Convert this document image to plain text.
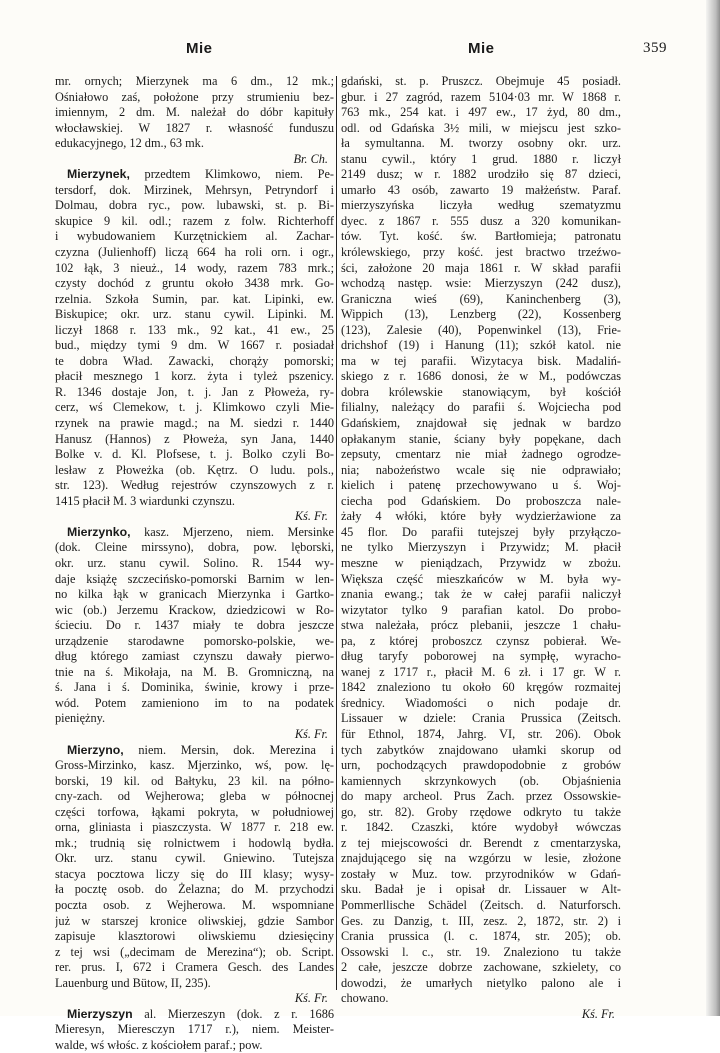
Mie	Mie	359
mr. ornych; Mierzynek ma 6 dm., 12 mk.;
Ośniałowo zaś, położone przy strumieniu bez-
imiennym, 2 dm. M. należał do dóbr kapituły
włocławskiej. W 1827 r. własność funduszu
edukacyjnego, 12 dm., 63 mk.
Br. Ch.
Mierzynek, przedtem Klimkowo, niem. Pe-
tersdorf, dok. Mirzinek, Mehrsyn, Petryndorf i
Dolmau, dobra ryc., pow. lubawski, st. p. Bi-
skupice 9 kil. odl.; razem z folw. Richterhoff
i wybudowaniem Kurzętnickiem al. Zachar-
czyzna (Julienhoff) liczą 664 ha roli orn. i ogr.,
102 łąk, 3 nieuż., 14 wody, razem 783 mrk.;
czysty dochód z gruntu około 3438 mrk. Go-
rzelnia. Szkoła Sumin, par. kat. Lipinki, ew.
Biskupice; okr. urz. stanu cywil. Lipinki. M.
liczył 1868 r. 133 mk., 92 kat., 41 ew., 25
bud., między tymi 9 dm. W 1667 r. posiadał
te dobra Wład. Zawacki, chorąży pomorski;
płacił mesznego 1 korz. żyta i tyleż pszenicy.
R. 1346 dostaje Jon, t. j. Jan z Płoweża, ry-
cerz, wś Clemekow, t. j. Klimkowo czyli Mie-
rzynek na prawie magd.; na M. siedzi r. 1440
Hanusz (Hannos) z Płoweża, syn Jana, 1440
Bolke v. d. Kl. Plofsese, t. j. Bolko czyli Bo-
lesław z Płoweżka (ob. Kętrz. O ludu. pols.,
str. 123). Według rejestrów czynszowych z r.
1415 płacił M. 3 wiardunki czynszu.
Kś. Fr.
Mierzynko, kasz. Mjerzeno, niem. Mersinke
(dok. Cleine mirssyno), dobra, pow. lęborski,
okr. urz. stanu cywil. Solino. R. 1544 wy-
daje książę szczecińsko-pomorski Barnim w len-
no kilka łąk w granicach Mierzynka i Gartko-
wic (ob.) Jerzemu Krackow, dziedzicowi w Ro-
ścieciu. Do r. 1437 miały te dobra jeszcze
urządzenie starodawne pomorsko-polskie, we-
dług którego zamiast czynszu dawały pierwo-
tnie na ś. Mikołaja, na M. B. Gromniczną, na
ś. Jana i ś. Dominika, świnie, krowy i prze-
wód. Potem zamieniono im to na podatek
pieniężny.
Kś. Fr.
Mierzyno, niem. Mersin, dok. Merezina i
Gross-Mirzinko, kasz. Mjerzinko, wś, pow. lę-
borski, 19 kil. od Bałtyku, 23 kil. na półno-
cny-zach. od Wejherowa; gleba w północnej
części torfowa, łąkami pokryta, w południowej
orna, gliniasta i piaszczysta. W 1877 r. 218 ew.
mk.; trudnią się rolnictwem i hodowlą bydła.
Okr. urz. stanu cywil. Gniewino. Tutejsza
stacya pocztowa liczy się do III klasy; wysy-
ła pocztę osob. do Żelazna; do M. przychodzi
poczta osob. z Wejherowa. M. wspomniane
już w starszej kronice oliwskiej, gdzie Sambor
zapisuje klasztorowi oliwskiemu dziesięciny
z tej wsi („decimam de Merezina“); ob. Script.
rer. prus. I, 672 i Cramera Gesch. des Landes
Lauenburg und Bütow, II, 235).
Kś. Fr.
Mierzyszyn al. Mierzeszyn (dok. z r. 1686
Mieresyn, Mieresczyn 1717 r.), niem. Meister-
walde, wś włośc. z kościołem paraf.; pow.
gdański, st. p. Pruszcz. Obejmuje 45 posiadł.
gbur. i 27 zagród, razem 5104·03 mr. W 1868 r.
763 mk., 254 kat. i 497 ew., 17 żyd, 80 dm.,
odl. od Gdańska 3½ mili, w miejscu jest szko-
ła symultanna. M. tworzy osobny okr. urz.
stanu cywil., który 1 grud. 1880 r. liczył
2149 dusz; w r. 1882 urodziło się 87 dzieci,
umarło 43 osób, zawarto 19 małżeństw. Paraf.
mierzyszyńska liczyła według szematyzmu
dyec. z 1867 r. 555 dusz a 320 komunikan-
tów. Tyt. kość. św. Bartłomieja; patronatu
królewskiego, przy kość. jest bractwo trzeźwo-
ści, założone 20 maja 1861 r. W skład parafii
wchodzą następ. wsie: Mierzyszyn (242 dusz),
Graniczna wieś (69), Kaninchenberg (3),
Wippich (13), Lenzberg (22), Kossenberg
(123), Zalesie (40), Popenwinkel (13), Frie-
drichshof (19) i Hanung (11); szkół katol. nie
ma w tej parafii. Wizytacya bisk. Madaliń-
skiego z r. 1686 donosi, że w M., podówczas
dobra królewskie stanowiącym, był kościół
filialny, należący do parafii ś. Wojciecha pod
Gdańskiem, znajdował się jednak w bardzo
opłakanym stanie, ściany były popękane, dach
zepsuty, cmentarz nie miał żadnego ogrodze-
nia; nabożeństwo wcale się nie odprawiało;
kielich i patenę przechowywano u ś. Woj-
ciecha pod Gdańskiem. Do proboszcza nale-
żały 4 włóki, które były wydzierżawione za
45 flor. Do parafii tutejszej były przyłączo-
ne tylko Mierzyszyn i Przywidz; M. płacił
meszne w pieniądzach, Przywidz w zbożu.
Większa część mieszkańców w M. była wy-
znania ewang.; tak że w całej parafii naliczył
wizytator tylko 9 parafian katol. Do probo-
stwa należała, prócz plebanii, jeszcze 1 chału-
pa, z której proboszcz czynsz pobierał. We-
dług taryfy poborowej na sympłę, wyracho-
wanej z 1717 r., płacił M. 6 zł. i 17 gr. W r.
1842 znaleziono tu około 60 kręgów rozmaitej
średnicy. Wiadomości o nich podaje dr.
Lissauer w dziele: Crania Prussica (Zeitsch.
für Ethnol, 1874, Jahrg. VI, str. 206). Obok
tych zabytków znajdowano ułamki skorup od
urn, pochodzących prawdopodobnie z grobów
kamiennych skrzynkowych (ob. Objaśnienia
do mapy archeol. Prus Zach. przez Ossowskie-
go, str. 82). Groby rzędowe odkryto tu także
r. 1842. Czaszki, które wydobył wówczas
z tej miejscowości dr. Berendt z cmentarzyska,
znajdującego się na wzgórzu w lesie, złożone
zostały w Muz. tow. przyrodników w Gdań-
sku. Badał je i opisał dr. Lissauer w Alt-
Pommerllische Schädel (Zeitsch. d. Naturforsch.
Ges. zu Danzig, t. III, zesz. 2, 1872, str. 2) i
Crania prussica (l. c. 1874, str. 205); ob.
Ossowski l. c., str. 19. Znaleziono tu także
2 całe, jeszcze dobrze zachowane, szkielety, co
dowodzi, że umarłych nietylko palono ale i
chowano.
Kś. Fr.
